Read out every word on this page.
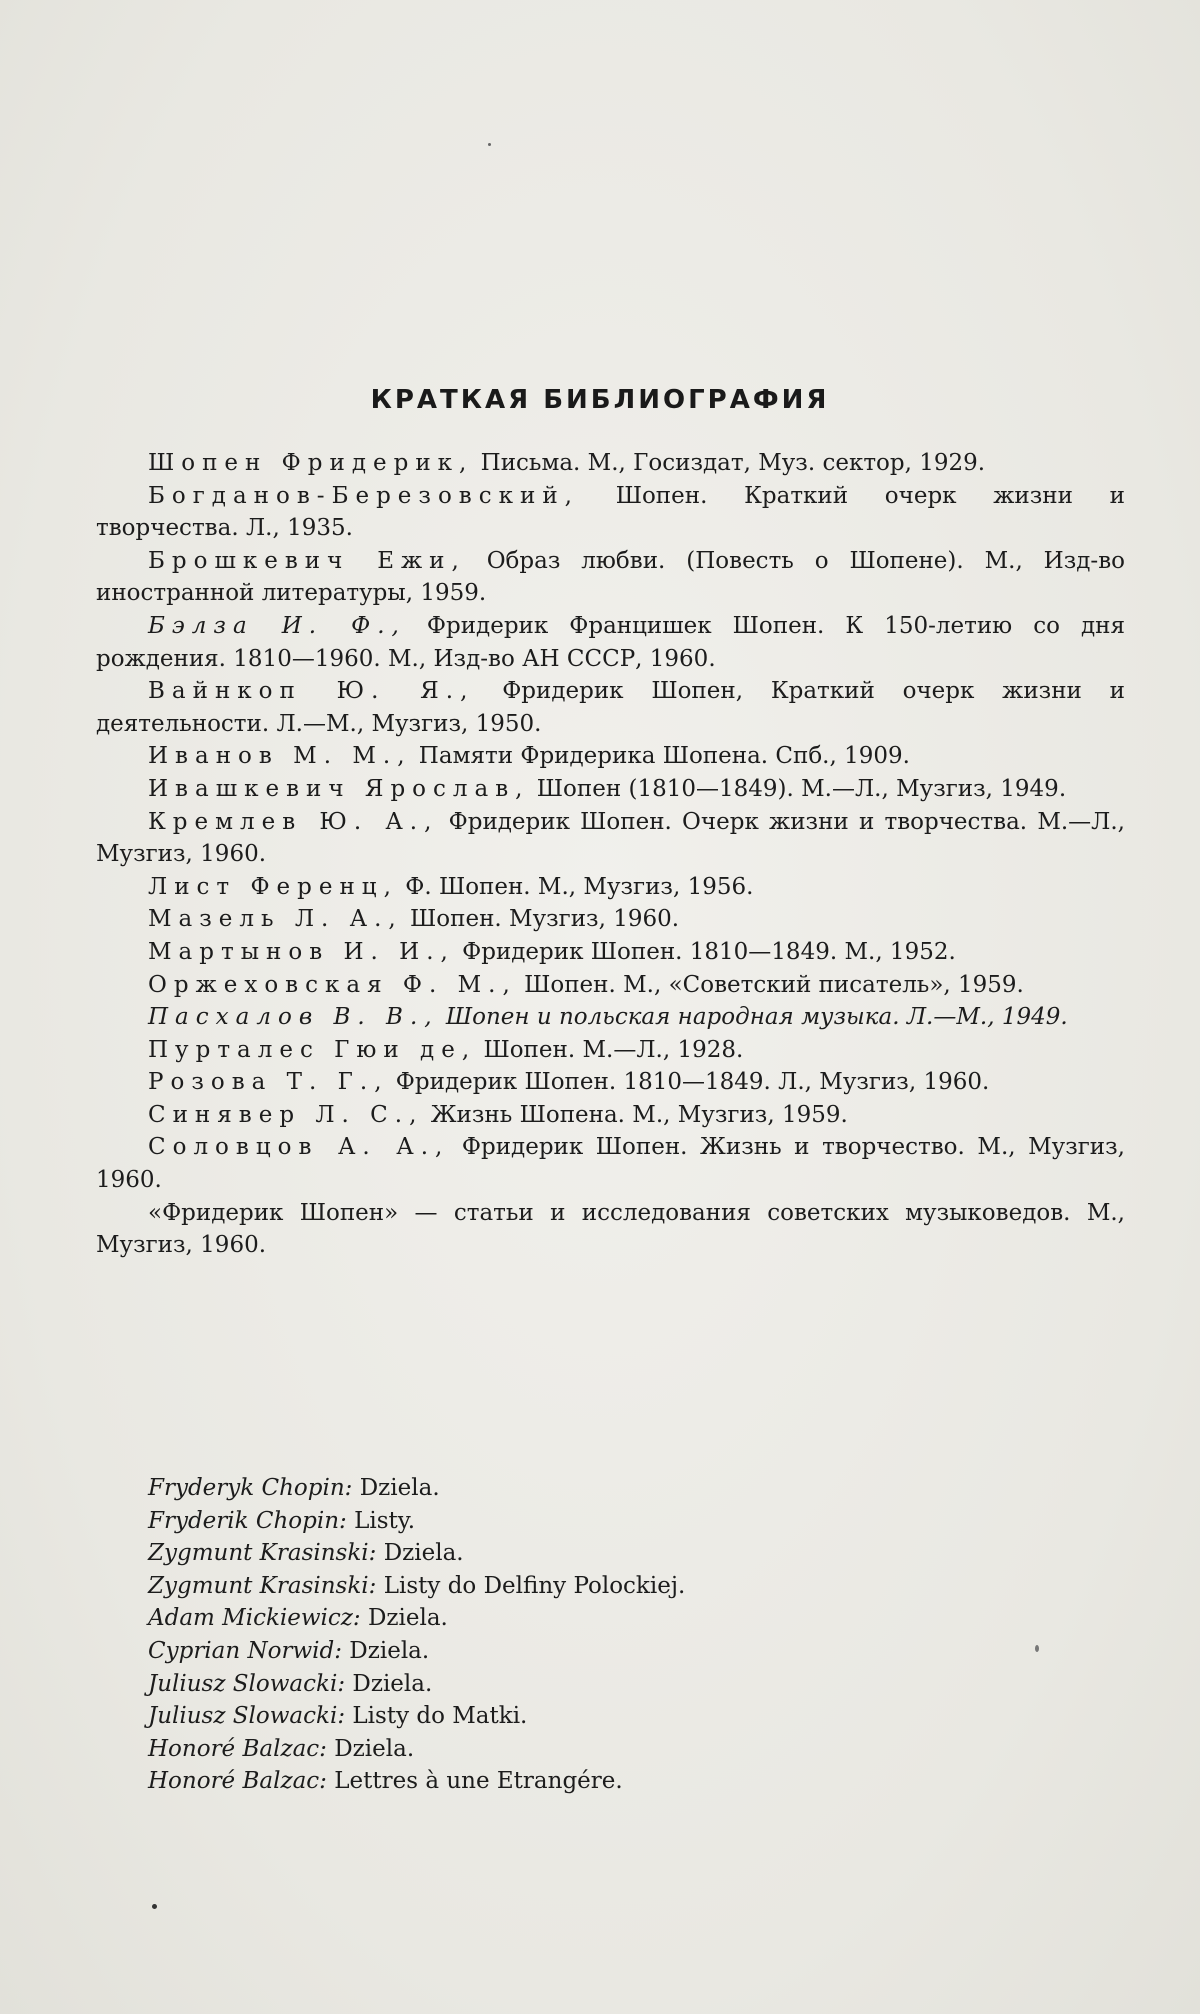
КРАТКАЯ БИБЛИОГРАФИЯ

Шопен Фридерик, Письма. М., Госиздат, Муз. сектор, 1929.

Богданов-Березовский, Шопен. Краткий очерк жизни и творчества. Л., 1935.

Брошкевич Ежи, Образ любви. (Повесть о Шопене). М., Изд-во иностранной литературы, 1959.

Бэлза И. Ф., Фридерик Францишек Шопен. К 150-летию со дня рождения. 1810—1960. М., Изд-во АН СССР, 1960.

Вайнкоп Ю. Я., Фридерик Шопен, Краткий очерк жизни и деятельности. Л.—М., Музгиз, 1950.

Иванов М. М., Памяти Фридерика Шопена. Спб., 1909.

Ивашкевич Ярослав, Шопен (1810—1849). М.—Л., Музгиз, 1949.

Кремлев Ю. А., Фридерик Шопен. Очерк жизни и творчества. М.—Л., Музгиз, 1960.

Лист Ференц, Ф. Шопен. М., Музгиз, 1956.

Мазель Л. А., Шопен. Музгиз, 1960.

Мартынов И. И., Фридерик Шопен. 1810—1849. М., 1952.

Оржеховская Ф. М., Шопен. М., «Советский писатель», 1959.

Пасхалов В. В., Шопен и польская народная музыка. Л.—М., 1949.

Пурталес Гюи де, Шопен. М.—Л., 1928.

Розова Т. Г., Фридерик Шопен. 1810—1849. Л., Музгиз, 1960.

Синявер Л. С., Жизнь Шопена. М., Музгиз, 1959.

Соловцов А. А., Фридерик Шопен. Жизнь и творчество. М., Музгиз, 1960.

«Фридерик Шопен» — статьи и исследования советских музыковедов. М., Музгиз, 1960.

Fryderyk Chopin: Dziela.

Fryderik Chopin: Listy.

Zygmunt Krasinski: Dziela.

Zygmunt Krasinski: Listy do Delfiny Polockiej.

Adam Mickiewicz: Dziela.

Cyprian Norwid: Dziela.

Juliusz Slowacki: Dziela.

Juliusz Slowacki: Listy do Matki.

Honoré Balzac: Dziela.

Honoré Balzac: Lettres à une Etrangére.
